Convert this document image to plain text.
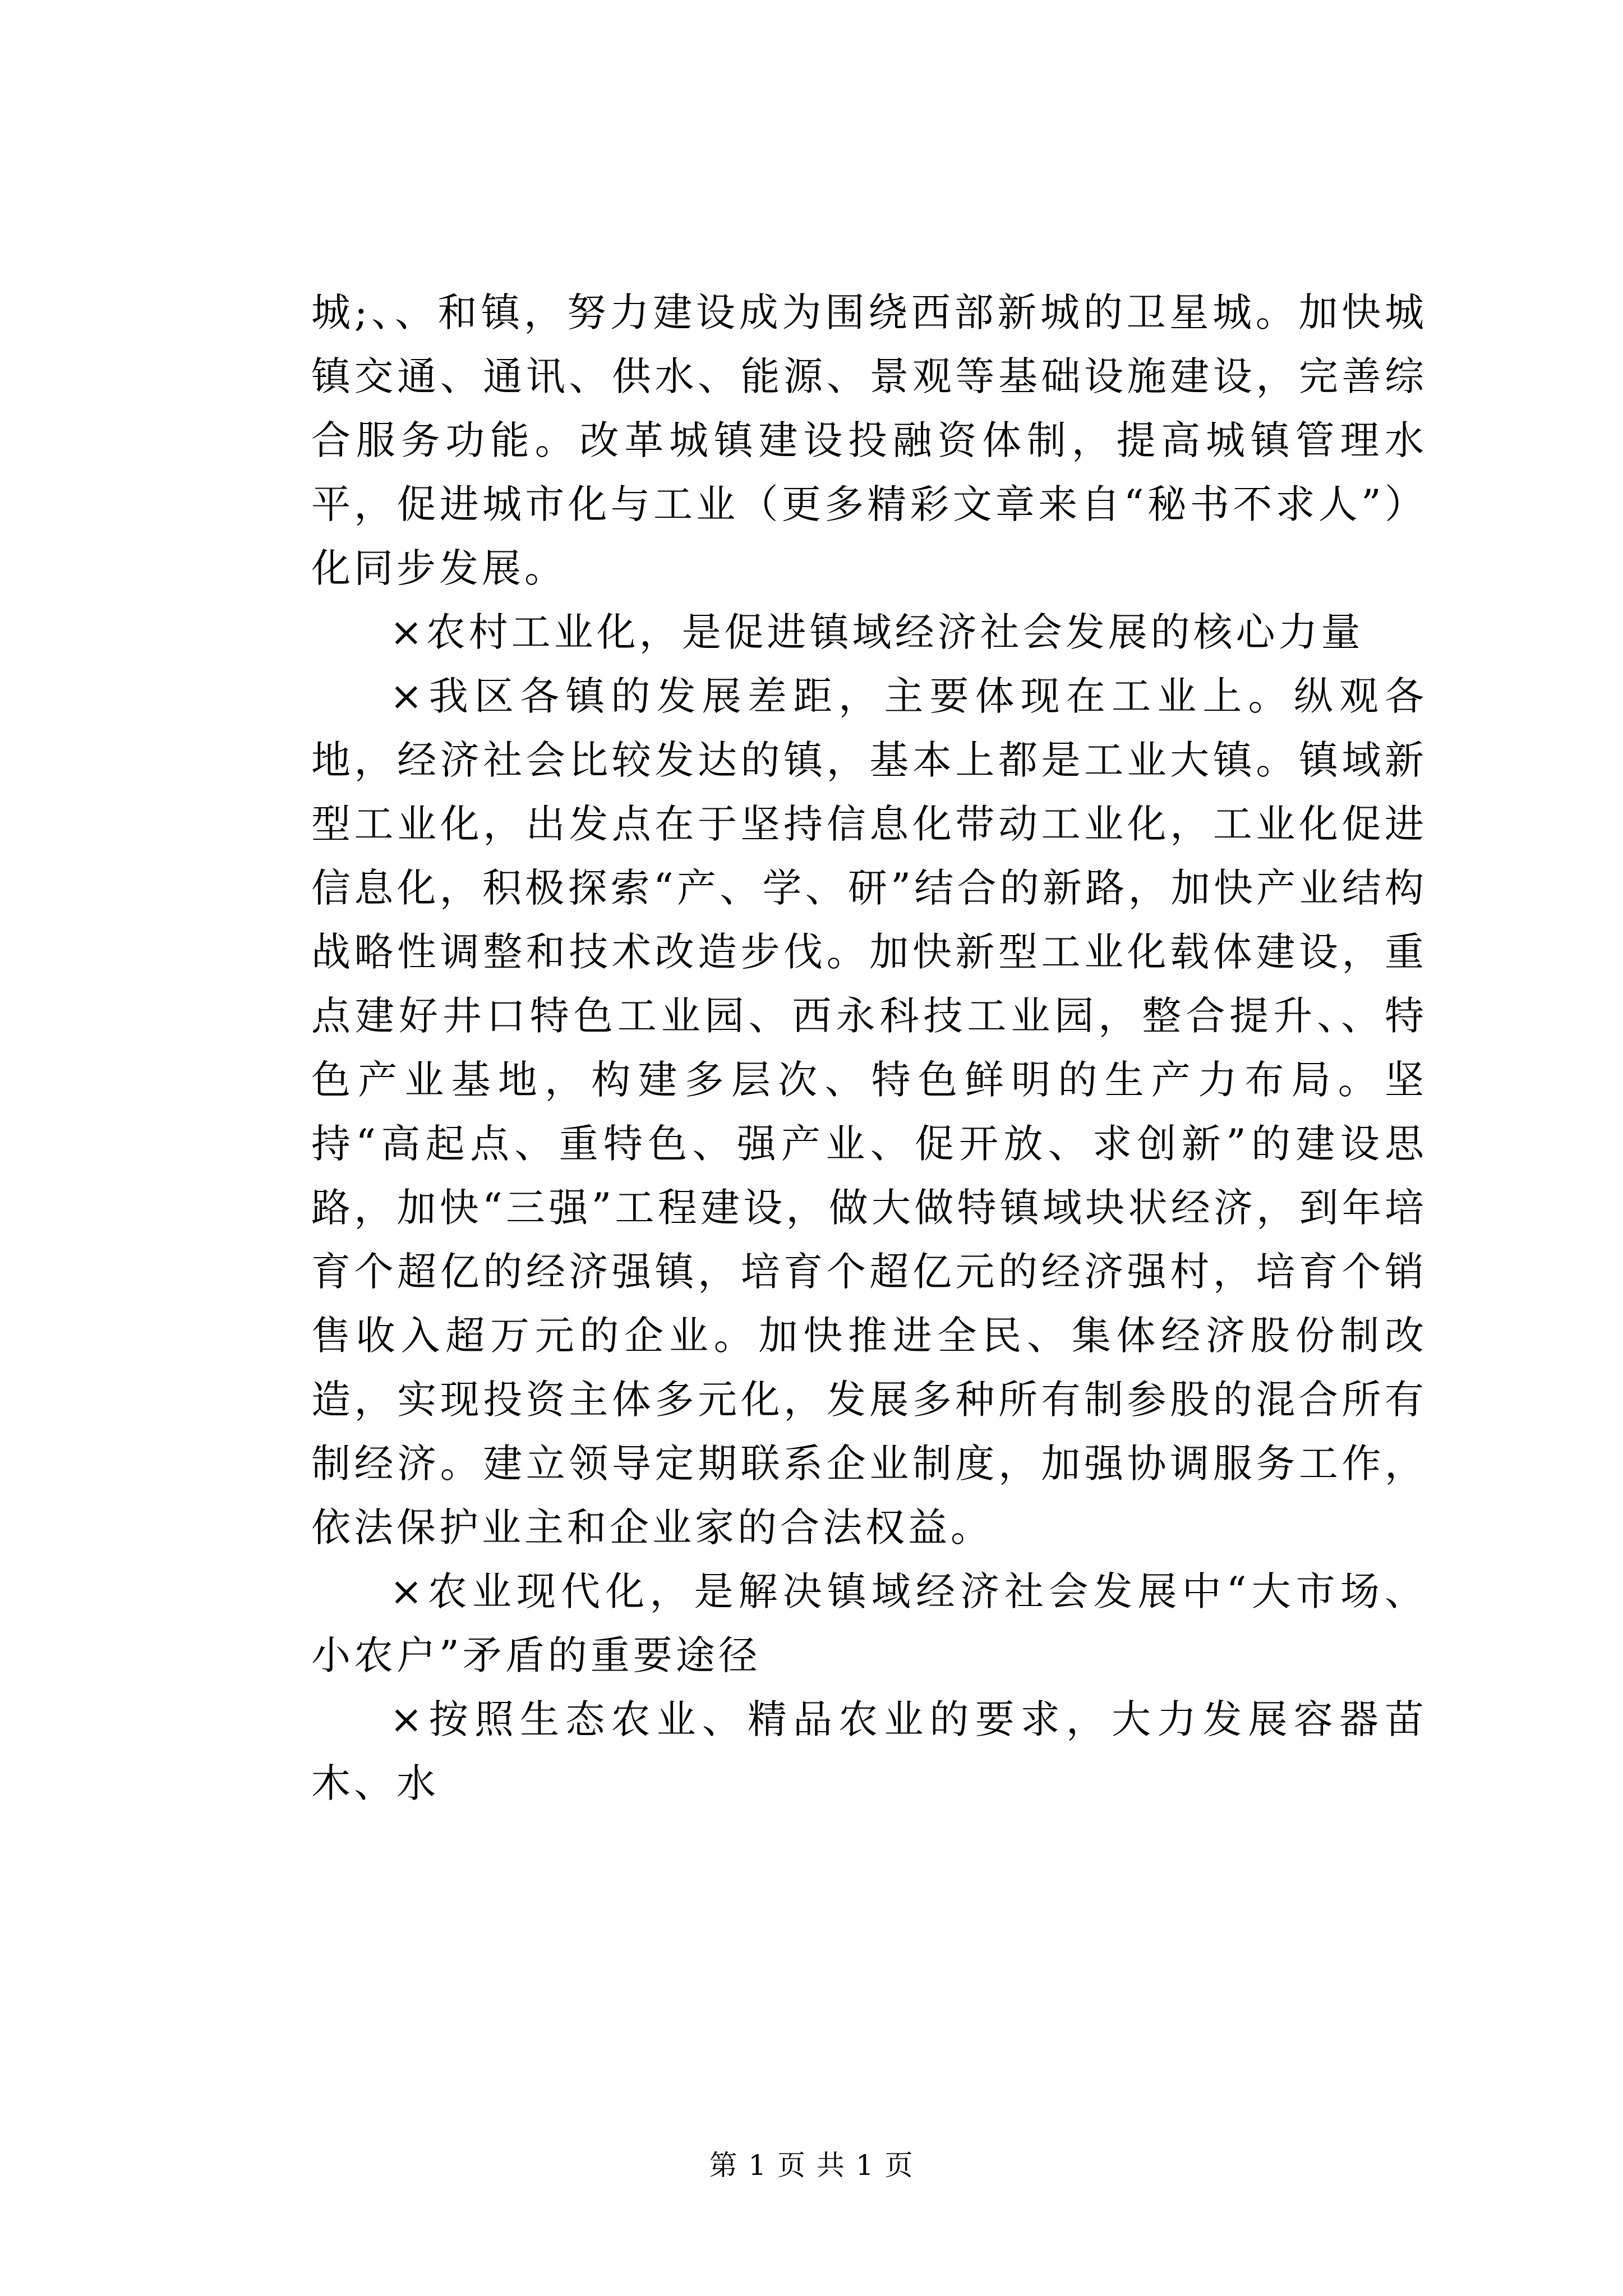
城;、、和镇，努力建设成为围绕西部新城的卫星城。加快城镇交通、通讯、供水、能源、景观等基础设施建设，完善综合服务功能。改革城镇建设投融资体制，提高城镇管理水平，促进城市化与工业（更多精彩文章来自“秘书不求人”）化同步发展。

×农村工业化，是促进镇域经济社会发展的核心力量

×我区各镇的发展差距，主要体现在工业上。纵观各地，经济社会比较发达的镇，基本上都是工业大镇。镇域新型工业化，出发点在于坚持信息化带动工业化，工业化促进信息化，积极探索“产、学、研”结合的新路，加快产业结构战略性调整和技术改造步伐。加快新型工业化载体建设，重点建好井口特色工业园、西永科技工业园，整合提升、、特色产业基地，构建多层次、特色鲜明的生产力布局。坚持“高起点、重特色、强产业、促开放、求创新”的建设思路，加快“三强”工程建设，做大做特镇域块状经济，到年培育个超亿的经济强镇，培育个超亿元的经济强村，培育个销售收入超万元的企业。加快推进全民、集体经济股份制改造，实现投资主体多元化，发展多种所有制参股的混合所有制经济。建立领导定期联系企业制度，加强协调服务工作，依法保护业主和企业家的合法权益。

×农业现代化，是解决镇域经济社会发展中“大市场、小农户”矛盾的重要途径

×按照生态农业、精品农业的要求，大力发展容器苗木、水

第 1 页 共 1 页
